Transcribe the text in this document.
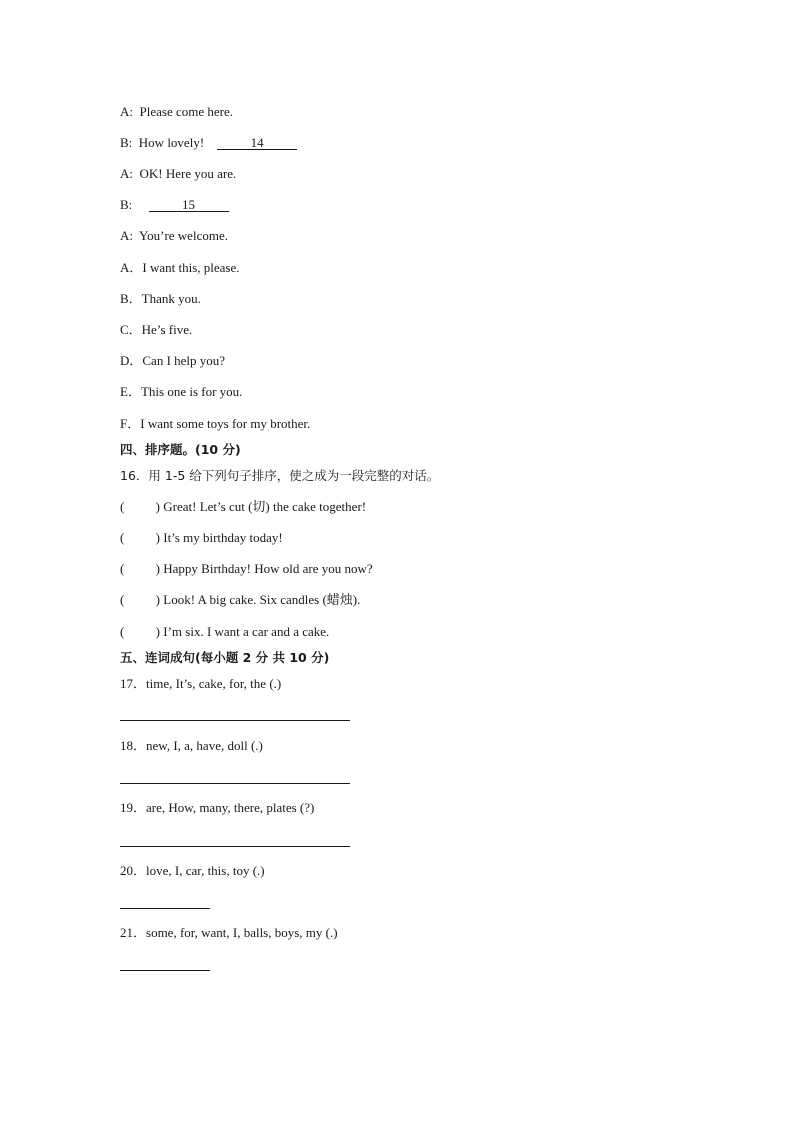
A: Please come here.
B: How lovely!	14
A: OK! Here you are.
B:	15
A: You’re welcome.
A．I want this, please.
B．Thank you.
C．He’s five.
D．Can I help you?
E．This one is for you.
F．I want some toys for my brother.
四、排序题。(10 分)
16．用 1-5 给下列句子排序，使之成为一段完整的对话。
( ) Great! Let’s cut (切) the cake together!
( ) It’s my birthday today!
( ) Happy Birthday! How old are you now?
( ) Look! A big cake. Six candles (蜡烛).
( ) I’m six. I want a car and a cake.
五、连词成句(每小题 2 分 共 10 分)
17．time, It’s, cake, for, the (.)
18．new, I, a, have, doll (.)
19．are, How, many, there, plates (?)
20．love, I, car, this, toy (.)
21．some, for, want, I, balls, boys, my (.)
